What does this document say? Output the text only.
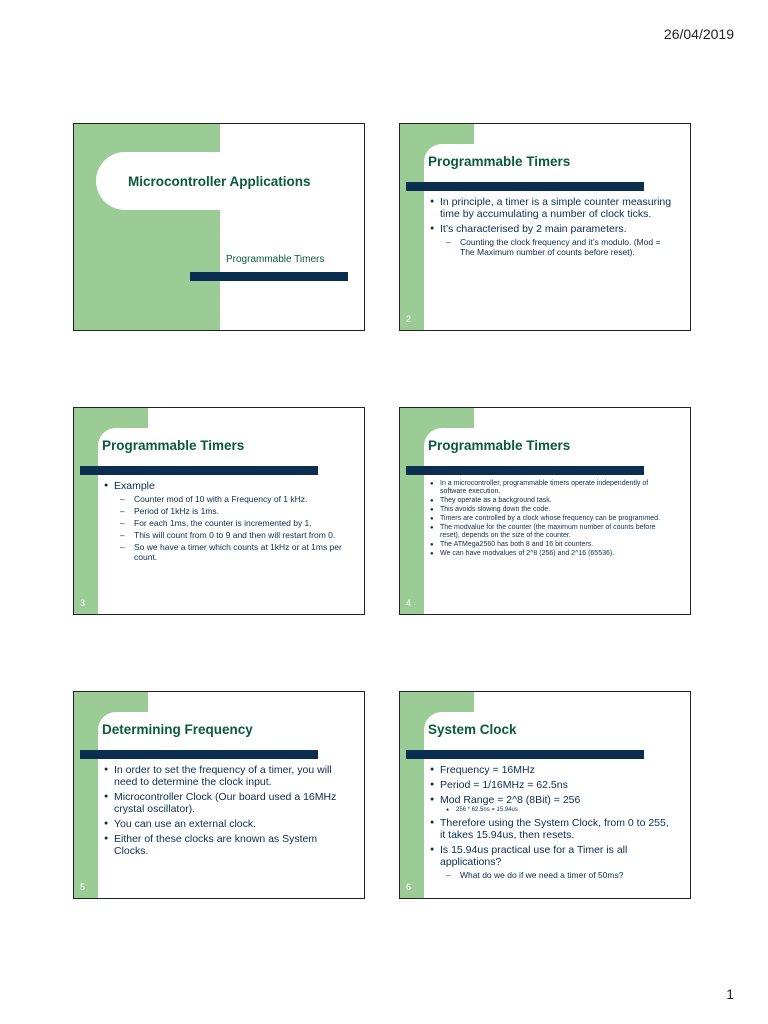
26/04/2019
Microcontroller Applications
Programmable Timers
Programmable Timers
● In principle, a timer is a simple counter measuring time by accumulating a number of clock ticks.
● It’s characterised by 2 main parameters.
– Counting the clock frequency and it’s modulo. (Mod = The Maximum number of counts before reset).
2
Programmable Timers
● Example
– Counter mod of 10 with a Frequency of 1 kHz.
– Period of 1kHz is 1ms.
– For each 1ms, the counter is incremented by 1.
– This will count from 0 to 9 and then will restart from 0.
– So we have a timer which counts at 1kHz or at 1ms per count.
3
Programmable Timers
● In a microcontroller, programmable timers operate independently of software execution.
● They operate as a background task.
● This avoids slowing down the code.
● Timers are controlled by a clock whose frequency can be programmed.
● The modvalue for the counter (the maximum number of counts before reset), depends on the size of the counter.
● The ATMega2560 has both 8 and 16 bit counters.
● We can have modvalues of 2^8 (256) and 2^16 (65536).
4
Determining Frequency
● In order to set the frequency of a timer, you will need to determine the clock input.
● Microcontroller Clock (Our board used a 16MHz crystal oscillator).
● You can use an external clock.
● Either of these clocks are known as System Clocks.
5
System Clock
● Frequency = 16MHz
● Period = 1/16MHz = 62.5ns
● Mod Range = 2^8 (8Bit) = 256
● 256 * 62.5ns = 15.94us
● Therefore using the System Clock, from 0 to 255, it takes 15.94us, then resets.
● Is 15.94us practical use for a Timer is all applications?
– What do we do if we need a timer of 50ms?
6
1
